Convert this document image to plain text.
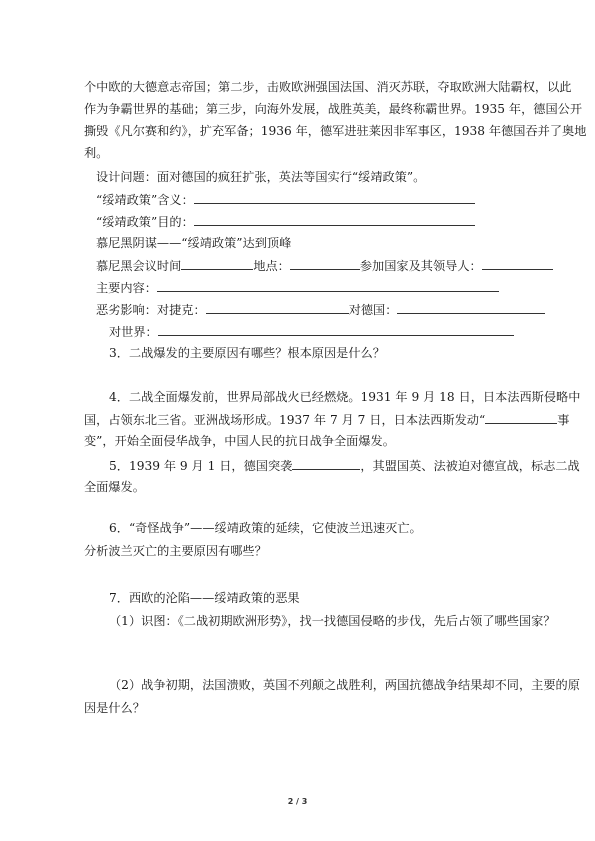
个中欧的大德意志帝国；第二步，击败欧洲强国法国、消灭苏联，夺取欧洲大陆霸权，以此
作为争霸世界的基础；第三步，向海外发展，战胜英美，最终称霸世界。1935 年，德国公开
撕毁《凡尔赛和约》，扩充军备；1936 年，德军进驻莱因非军事区，1938 年德国吞并了奥地
利。
设计问题：面对德国的疯狂扩张，英法等国实行“绥靖政策”。
“绥靖政策”含义：
“绥靖政策”目的：
慕尼黑阴谋——“绥靖政策”达到顶峰
慕尼黑会议时间	地点：	参加国家及其领导人：
主要内容：
恶劣影响：对捷克：	对德国：
对世界：
3．二战爆发的主要原因有哪些？根本原因是什么？
4．二战全面爆发前，世界局部战火已经燃烧。1931 年 9 月 18 日，日本法西斯侵略中
国，占领东北三省。亚洲战场形成。1937 年 7 月 7 日，日本法西斯发动“	事
变”，开始全面侵华战争，中国人民的抗日战争全面爆发。
5．1939 年 9 月 1 日，德国突袭	，其盟国英、法被迫对德宣战，标志二战
全面爆发。
6．“奇怪战争”——绥靖政策的延续，它使波兰迅速灭亡。
分析波兰灭亡的主要原因有哪些？
7．西欧的沦陷——绥靖政策的恶果
（1）识图：《二战初期欧洲形势》，找一找德国侵略的步伐，先后占领了哪些国家？
（2）战争初期，法国溃败，英国不列颠之战胜利，两国抗德战争结果却不同，主要的原
因是什么？
2 / 3
